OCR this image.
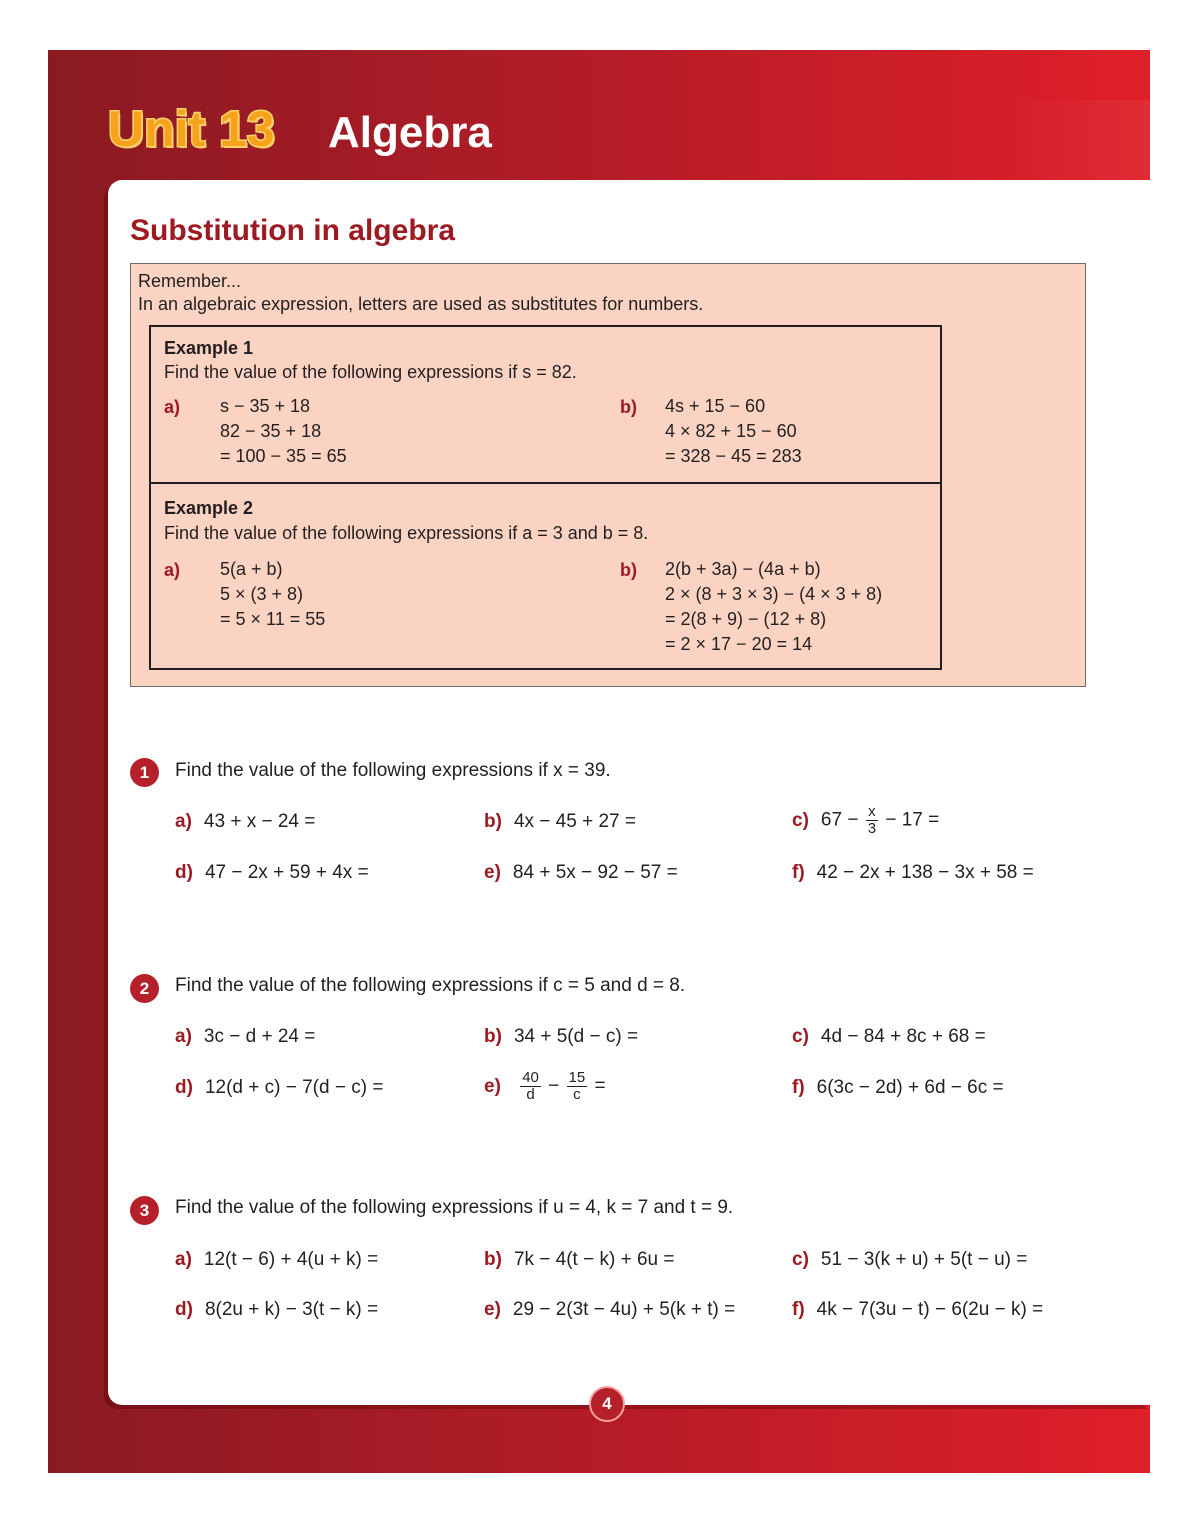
Unit 13 Algebra
Substitution in algebra
Remember...
In an algebraic expression, letters are used as substitutes for numbers.
Example 1
Find the value of the following expressions if s = 82.
a) s − 35 + 18
82 − 35 + 18
= 100 − 35 = 65
b) 4s + 15 − 60
4 × 82 + 15 − 60
= 328 − 45 = 283
Example 2
Find the value of the following expressions if a = 3 and b = 8.
a) 5(a + b)
5 × (3 + 8)
= 5 × 11 = 55
b) 2(b + 3a) − (4a + b)
2 × (8 + 3 × 3) − (4 × 3 + 8)
= 2(8 + 9) − (12 + 8)
= 2 × 17 − 20 = 14
1	Find the value of the following expressions if x = 39.
a) 43 + x − 24 =	b) 4x − 45 + 27 =	c) $67 - \frac{x}{3} - 17$ =
d) 47 − 2x + 59 + 4x =	e) 84 + 5x − 92 − 57 =	f) 42 − 2x + 138 − 3x + 58 =
2	Find the value of the following expressions if c = 5 and d = 8.
a) 3c − d + 24 =	b) 34 + 5(d − c) =	c) 4d − 84 + 8c + 68 =
d) 12(d + c) − 7(d − c) =	$e) \frac{40}{d} - \frac{15}{c}$ =	f) 6(3c − 2d) + 6d − 6c =
3	Find the value of the following expressions if u = 4, k = 7 and t = 9.
a) 12(t − 6) + 4(u + k) =	b) 7k − 4(t − k) + 6u =	c) 51 − 3(k + u) + 5(t − u) =
d) 8(2u + k) − 3(t − k) =	e) 29 − 2(3t − 4u) + 5(k + t) =	f) 4k − 7(3u − t) − 6(2u − k) =
4
